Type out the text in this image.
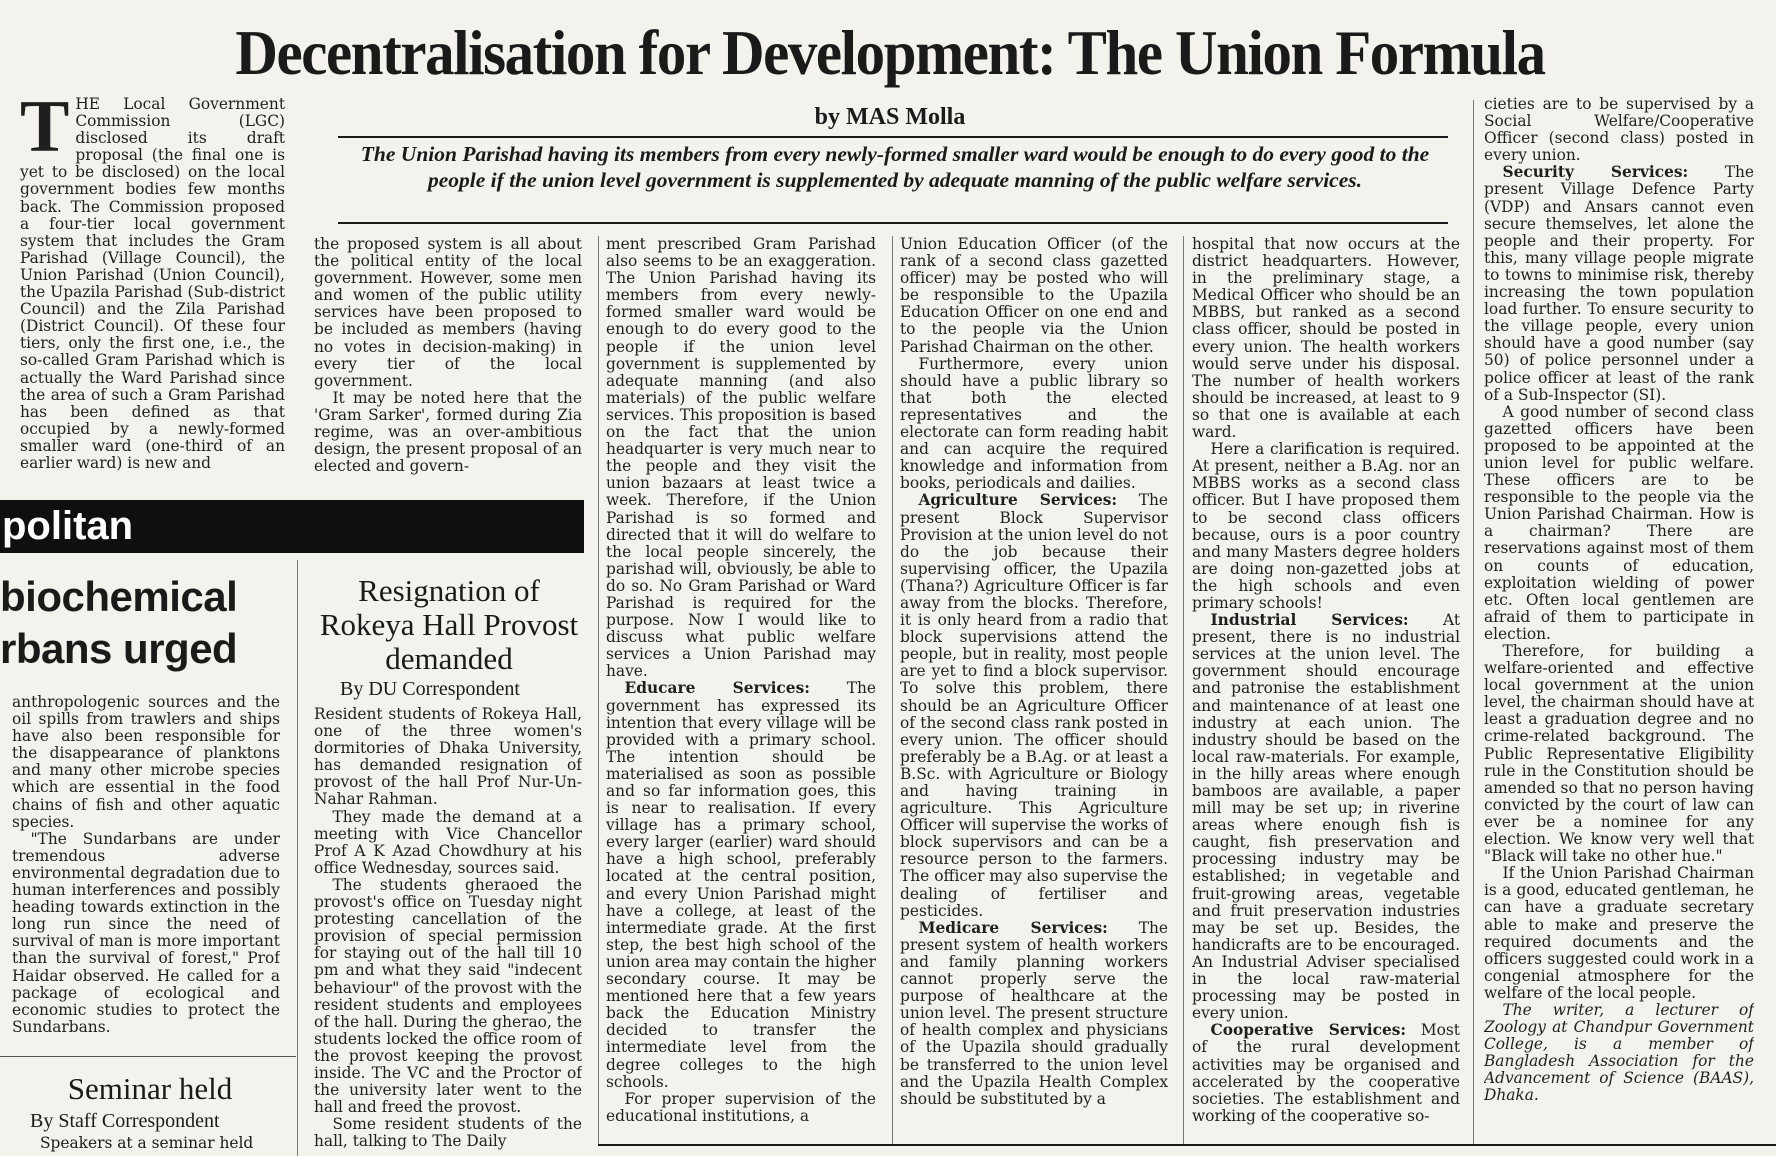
Decentralisation for Development: The Union Formula
by MAS Molla
The Union Parishad having its members from every newly-formed smaller ward would be enough to do every good to the people if the union level government is supplemented by adequate manning of the public welfare services.
T HE Local Government Commission (LGC) disclosed its draft proposal (the final one is yet to be disclosed) on the local government bodies few months back. The Commission proposed a four-tier local government system that includes the Gram Parishad (Village Council), the Union Parishad (Union Council), the Upazila Parishad (Sub-district Council) and the Zila Parishad (District Council). Of these four tiers, only the first one, i.e., the so-called Gram Parishad which is actually the Ward Parishad since the area of such a Gram Parishad has been defined as that occupied by a newly-formed smaller ward (one-third of an earlier ward) is new and

the proposed system is all about the political entity of the local government. However, some men and women of the public utility services have been proposed to be included as members (having no votes in decision-making) in every tier of the local government.

It may be noted here that the 'Gram Sarker', formed during Zia regime, was an over-ambitious design, the present proposal of an elected and govern-

ment prescribed Gram Parishad also seems to be an exaggeration. The Union Parishad having its members from every newly-formed smaller ward would be enough to do every good to the people if the union level government is supplemented by adequate manning (and also materials) of the public welfare services. This proposition is based on the fact that the union headquarter is very much near to the people and they visit the union bazaars at least twice a week. Therefore, if the Union Parishad is so formed and directed that it will do welfare to the local people sincerely, the parishad will, obviously, be able to do so. No Gram Parishad or Ward Parishad is required for the purpose. Now I would like to discuss what public welfare services a Union Parishad may have.

Educare Services: The government has expressed its intention that every village will be provided with a primary school. The intention should be materialised as soon as possible and so far information goes, this is near to realisation. If every village has a primary school, every larger (earlier) ward should have a high school, preferably located at the central position, and every Union Parishad might have a college, at least of the intermediate grade. At the first step, the best high school of the union area may contain the higher secondary course. It may be mentioned here that a few years back the Education Ministry decided to transfer the intermediate level from the degree colleges to the high schools.

For proper supervision of the educational institutions, a

Union Education Officer (of the rank of a second class gazetted officer) may be posted who will be responsible to the Upazila Education Officer on one end and to the people via the Union Parishad Chairman on the other.

Furthermore, every union should have a public library so that both the elected representatives and the electorate can form reading habit and can acquire the required knowledge and information from books, periodicals and dailies.

Agriculture Services: The present Block Supervisor Provision at the union level do not do the job because their supervising officer, the Upazila (Thana?) Agriculture Officer is far away from the blocks. Therefore, it is only heard from a radio that block supervisions attend the people, but in reality, most people are yet to find a block supervisor. To solve this problem, there should be an Agriculture Officer of the second class rank posted in every union. The officer should preferably be a B.Ag. or at least a B.Sc. with Agriculture or Biology and having training in agriculture. This Agriculture Officer will supervise the works of block supervisors and can be a resource person to the farmers. The officer may also supervise the dealing of fertiliser and pesticides.

Medicare Services: The present system of health workers and family planning workers cannot properly serve the purpose of healthcare at the union level. The present structure of health complex and physicians of the Upazila should gradually be transferred to the union level and the Upazila Health Complex should be substituted by a

hospital that now occurs at the district headquarters. However, in the preliminary stage, a Medical Officer who should be an MBBS, but ranked as a second class officer, should be posted in every union. The health workers would serve under his disposal. The number of health workers should be increased, at least to 9 so that one is available at each ward.

Here a clarification is required. At present, neither a B.Ag. nor an MBBS works as a second class officer. But I have proposed them to be second class officers because, ours is a poor country and many Masters degree holders are doing non-gazetted jobs at the high schools and even primary schools!

Industrial Services: At present, there is no industrial services at the union level. The government should encourage and patronise the establishment and maintenance of at least one industry at each union. The industry should be based on the local raw-materials. For example, in the hilly areas where enough bamboos are available, a paper mill may be set up; in riverine areas where enough fish is caught, fish preservation and processing industry may be established; in vegetable and fruit-growing areas, vegetable and fruit preservation industries may be set up. Besides, the handicrafts are to be encouraged. An Industrial Adviser specialised in the local raw-material processing may be posted in every union.

Cooperative Services: Most of the rural development activities may be organised and accelerated by the cooperative societies. The establishment and working of the cooperative so-

cieties are to be supervised by a Social Welfare/Cooperative Officer (second class) posted in every union.

Security Services: The present Village Defence Party (VDP) and Ansars cannot even secure themselves, let alone the people and their property. For this, many village people migrate to towns to minimise risk, thereby increasing the town population load further. To ensure security to the village people, every union should have a good number (say 50) of police personnel under a police officer at least of the rank of a Sub-Inspector (SI).

A good number of second class gazetted officers have been proposed to be appointed at the union level for public welfare. These officers are to be responsible to the people via the Union Parishad Chairman. How is a chairman? There are reservations against most of them on counts of education, exploitation wielding of power etc. Often local gentlemen are afraid of them to participate in election.

Therefore, for building a welfare-oriented and effective local government at the union level, the chairman should have at least a graduation degree and no crime-related background. The Public Representative Eligibility rule in the Constitution should be amended so that no person having convicted by the court of law can ever be a nominee for any election. We know very well that "Black will take no other hue."

If the Union Parishad Chairman is a good, educated gentleman, he can have a graduate secretary able to make and preserve the required documents and the officers suggested could work in a congenial atmosphere for the welfare of the local people.

The writer, a lecturer of Zoology at Chandpur Government College, is a member of Bangladesh Association for the Advancement of Science (BAAS), Dhaka.

politan
biochemical
rbans urged

anthropologenic sources and the oil spills from trawlers and ships have also been responsible for the disappearance of planktons and many other microbe species which are essential in the food chains of fish and other aquatic species.

"The Sundarbans are under tremendous adverse environmental degradation due to human interferences and possibly heading towards extinction in the long run since the need of survival of man is more important than the survival of forest," Prof Haidar observed. He called for a package of ecological and economic studies to protect the Sundarbans.

Seminar held
By Staff Correspondent
Speakers at a seminar held
Resignation of Rokeya Hall Provost demanded
By DU Correspondent

Resident students of Rokeya Hall, one of the three women's dormitories of Dhaka University, has demanded resignation of provost of the hall Prof Nur-Un-Nahar Rahman.

They made the demand at a meeting with Vice Chancellor Prof A K Azad Chowdhury at his office Wednesday, sources said.

The students gheraoed the provost's office on Tuesday night protesting cancellation of the provision of special permission for staying out of the hall till 10 pm and what they said "indecent behaviour" of the provost with the resident students and employees of the hall. During the gherao, the students locked the office room of the provost keeping the provost inside. The VC and the Proctor of the university later went to the hall and freed the provost.

Some resident students of the hall, talking to The Daily
